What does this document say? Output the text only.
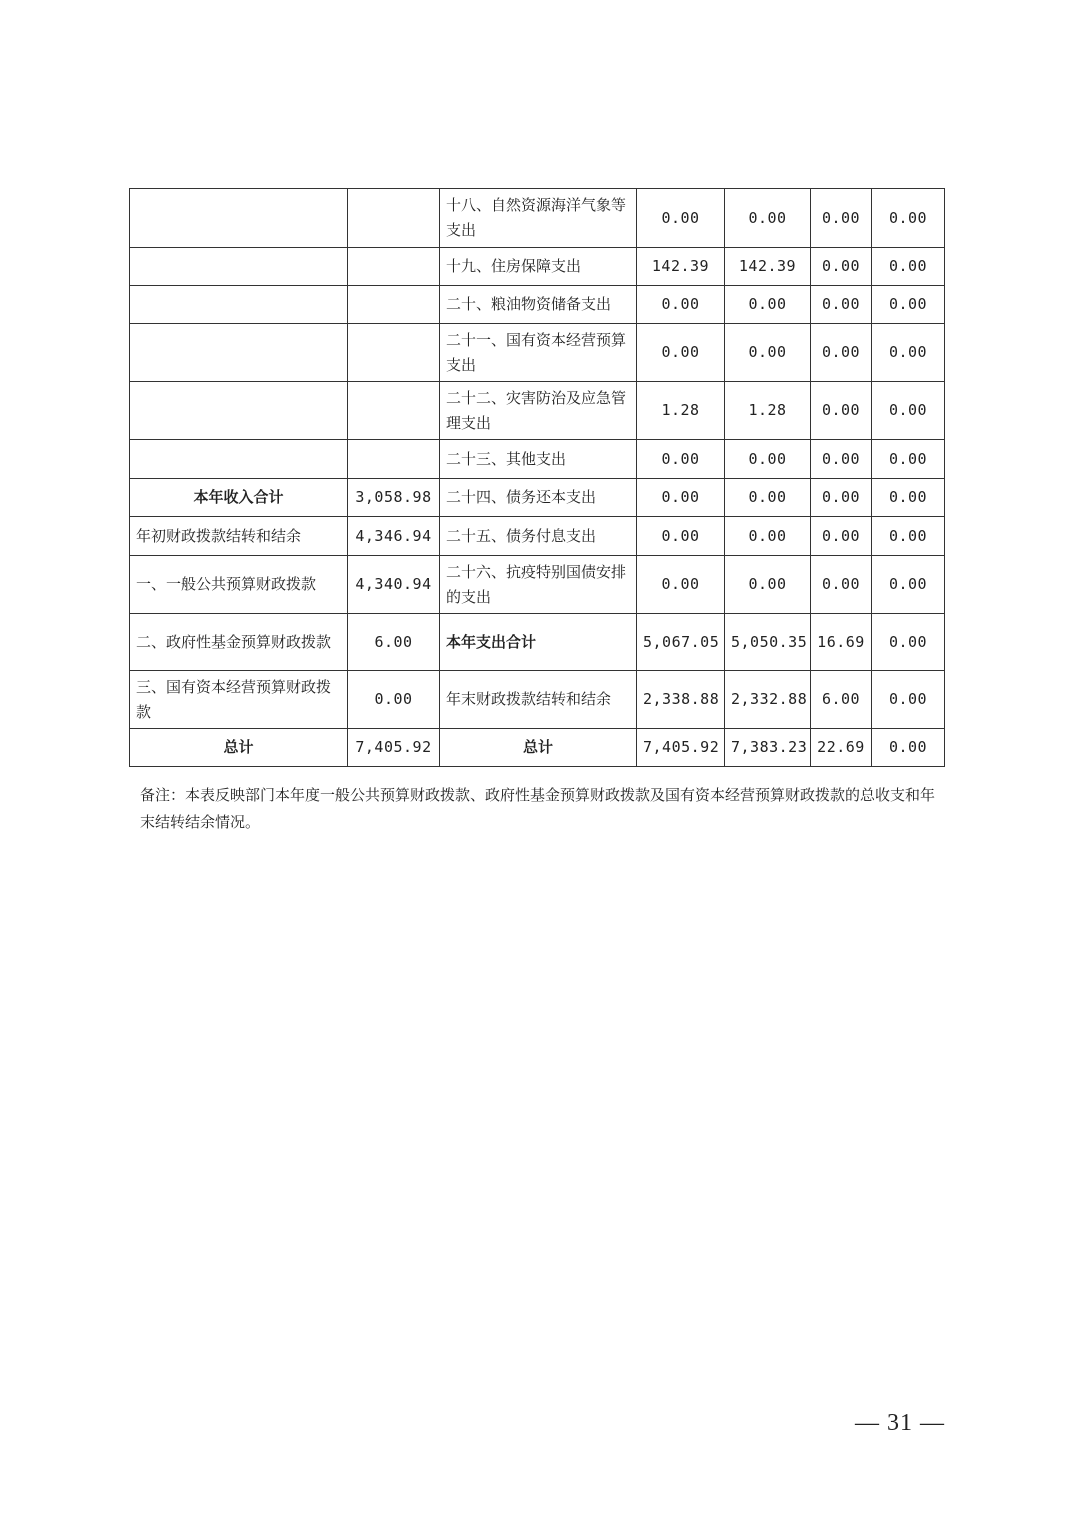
		十八、自然资源海洋气象等支出	0.00	0.00	0.00	0.00
		十九、住房保障支出	142.39	142.39	0.00	0.00
		二十、粮油物资储备支出	0.00	0.00	0.00	0.00
		二十一、国有资本经营预算支出	0.00	0.00	0.00	0.00
		二十二、灾害防治及应急管理支出	1.28	1.28	0.00	0.00
		二十三、其他支出	0.00	0.00	0.00	0.00
本年收入合计	3,058.98	二十四、债务还本支出	0.00	0.00	0.00	0.00
年初财政拨款结转和结余	4,346.94	二十五、债务付息支出	0.00	0.00	0.00	0.00
一、一般公共预算财政拨款	4,340.94	二十六、抗疫特别国债安排的支出	0.00	0.00	0.00	0.00
二、政府性基金预算财政拨款	6.00	本年支出合计	5,067.05	5,050.35	16.69	0.00
三、国有资本经营预算财政拨款	0.00	年末财政拨款结转和结余	2,338.88	2,332.88	6.00	0.00
总计	7,405.92	总计	7,405.92	7,383.23	22.69	0.00

备注：本表反映部门本年度一般公共预算财政拨款、政府性基金预算财政拨款及国有资本经营预算财政拨款的总收支和年末结转结余情况。

— 31 —
